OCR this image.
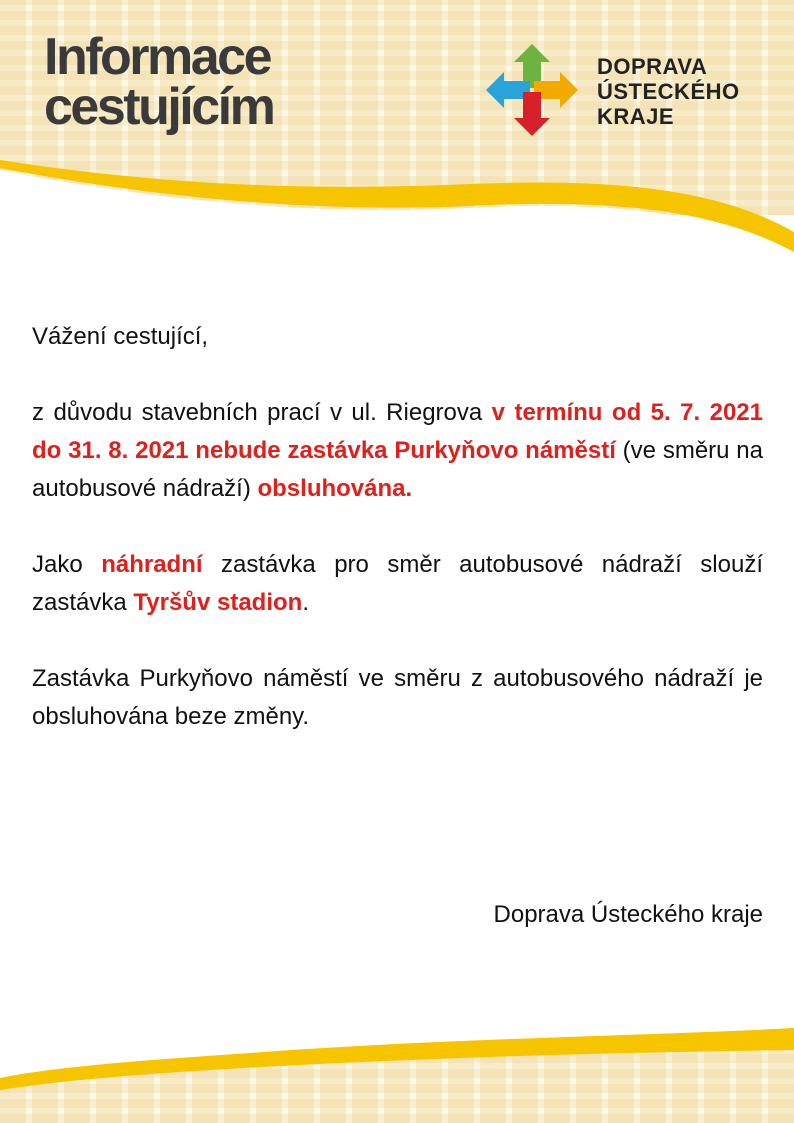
Informace
cestujícím
DOPRAVA
ÚSTECKÉHO
KRAJE

Vážení cestující,

z důvodu stavebních prací v ul. Riegrova v termínu od 5. 7. 2021 do 31. 8. 2021 nebude zastávka Purkyňovo náměstí (ve směru na autobusové nádraží) obsluhována.

Jako náhradní zastávka pro směr autobusové nádraží slouží zastávka Tyršův stadion.

Zastávka Purkyňovo náměstí ve směru z autobusového nádraží je obsluhována beze změny.

Doprava Ústeckého kraje
